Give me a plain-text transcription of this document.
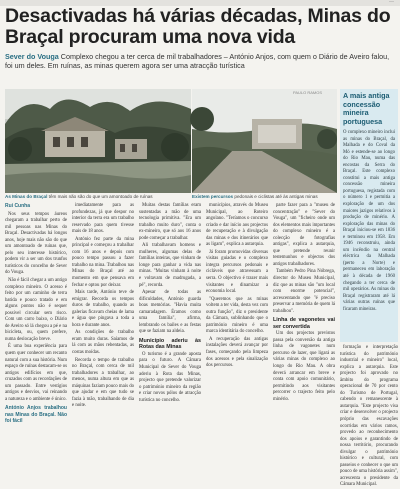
—
Desactivadas há várias décadas, Minas do Braçal procuram uma nova vida
Sever do Vouga Complexo chegou a ter cerca de mil trabalhadores – António Anjos, com quem o Diário de Aveiro falou, foi um deles. Em ruínas, as minas querem agora ser uma atracção turística
PAULO RAMOS
As Minas do Braçal têm mais não são do que um amontoado de ruínas	Existem percursos pedonais e ciclistas até às antigas minas
A mais antiga concessão mineira portuguesa
O complexo mineiro inclui as minas do Braçal, da Malhada e do Coval da Mó e estende-se ao longo do Rio Mau, numa das encostas da Serra do Braçal. Este complexo constitui a mais antiga concessão mineira portuguesa, registada com o número 1 e permitia a exploração de um dos maiores jazigos relativos à produção de minério. A exploração das minas do Braçal iniciou-se em 1836 e terminou em 1958. Em 1946 reconstruiu, ainda um incêndio na central eléctrica da Malhada (perto a Norte) e permaneceu em laboração até à década de 1960 chegando a ter cerca de mil operários. As minas do Braçal registraram até lá várias outras ruínas que ficaram mineiras.
Rui Cunha

Nos seus tempos áureos chegaram a trabalhar perto de mil pessoas nas Minas do Braçal. Desactivadas há longos anos, hoje mais não são do que um amontoado de ruínas que, pelo seu interesse histórico, podem vir a ser um dos trunfos turísticos do concelho de Sever do Vouga.

Não é fácil chegar a um antigo complexo mineiro. O acesso é feito por um caminho de terra batida e pouco tratado e em alguns pontos não é sequer possível circular sem risco. Com um carro baixo, o Diário de Aveiro só lá chegou a pé e na bicicleta, ou, quem prefere, numa deslocação breve.

É uma boa experiência para quem quer conhecer um recanto natural com a sua história. Num espaço de ruínas destacam-se os antigos edifícios em que, cruzados com as recordações de um passado. Entre vestígios antigos e desvios, vai reinando a natureza e o ambiente é único.

António Anjos trabalhou nas Minas do Braçal. Não foi fácil

imediatamente para as profundezas, já que despor no interior da terra era um trabalho reservado para quem tivesse mais de 18 anos.

António fez parte da mina principal e começou a trabalhar com 16 anos e depois com pouco tempo passou a fazer trabalho na mina. Trabalhou nas Minas do Braçal até ao momento em que pensava em fechar e optou por deixar.

Mais tarde, António teve de emigrar. Recorda os tempos duros de trabalho, quando as galerias ficavam cheias de lama e água que pingava a toda a hora e durante anos.

As condições de trabalho eram muito duras. Saíamos de lá com as mãos rebentadas, as costas moídas.

Recorda o tempo de trabalho no Braçal, com cerca de mil trabalhadores a trabalhar, ao menos, numa altura em que as máquinas faziam pouco mais do que ajudar e em que tudo se fazia à mão, trabalhando de dia e noite.

Muitas destas famílias eram sustentadas a mão de uma tecnologia primitiva. "Era um trabalho muito duro", conta o ex-mineiro, que só aos 16 anos pode começar a trabalhar.

Ali trabalhavam homens e mulheres, algumas delas de famílias inteiras, que vinham de longe para ganhar a vida nas minas. "Muitas vinham à noite e voltavam de madrugada, a pé", recorda.

Apesar de todas as dificuldades, António guarda boas memórias. "Havia muita camaradagem. Éramos como uma família", afirma, lembrando os bailes e as festas que se faziam na aldeia.

Município aderiu às Rotas das Minas

O turismo é a grande aposta para o futuro. A Câmara Municipal de Sever do Vouga aderiu à Rota das Minas, projecto que pretende valorizar o património mineiro da região e criar novos pólos de atracção turística no concelho.

municípios, através do Museu Municipal, ao Roteiro angolano. "Teríamos o concurso criado e dar início aos projectos de recuperação e à divulgação das minas e dos itinerários que as ligam", explica a autarquia.

Já foram promovidas diversas visitas guiadas e o complexo integra percursos pedonais e cicláveis que atravessam a serra. O objectivo é trazer mais visitantes e dinamizar a economia local.

"Queremos que as minas voltem a ter vida, desta vez com outra função", diz o presidente da Câmara, sublinhando que o património mineiro é uma marca identitária do concelho.

A recuperação das antigas instalações deverá avançar por fases, começando pela limpeza dos acessos e pela sinalização dos percursos.

parte fazer para a "museu de concentração" e "Sever do Vouga", um "ficheiro onde um dos elementos mais importantes do complexo mineiro é a colecção de fotografias antigas", explica a autarquia, que pretende reunir testemunhos e objectos dos antigos trabalhadores.

Também Pedro Pina Nóbrega, director do Museu Municipal, diz que as minas são "um local com enorme potencial", acrescentando que "é preciso preservar a memória de quem lá trabalhou".

Linha de vagonetes vai ser convertida

Um dos projectos previstos passa pela conversão da antiga linha de vagonetes num percurso de lazer, que ligará as várias minas do complexo ao longo do Rio Mau. A obra deverá arrancar em breve e conta com apoio comunitário, permitindo aos visitantes percorrer o trajecto feito pelo minério.

formação e interpretação turística do património industrial e mineiro" local, explica a autarquia. Este projecto foi aprovado no âmbito do programa operacional de 70 por cento do Turismo de Portugal, cabendo o remanescente à autarquia. "Este projecto visa criar e desenvolver o projecto próprio das escavações ocorridas em vários ramos, provedo ao reconhecimento dos apoios e garantindo de nossa território, procurando divulgar o património histórico e cultural, com passeios e conhecer o que um pouco de uma história assim", acrescenta o presidente da Câmara Municipal.
